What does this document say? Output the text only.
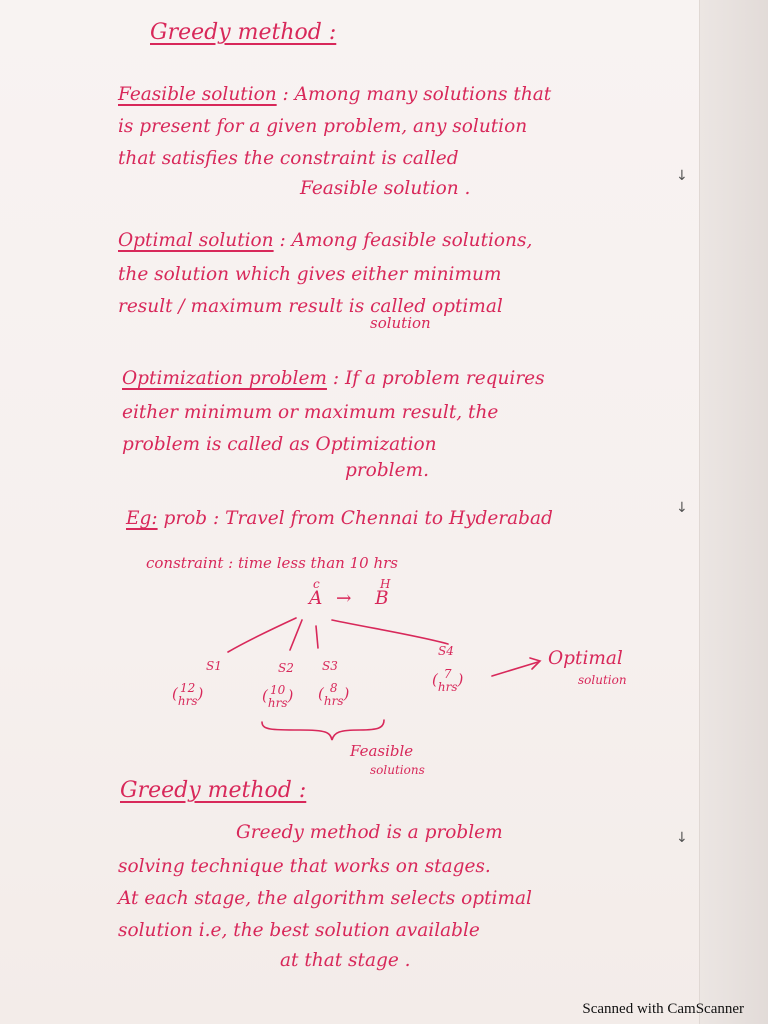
↓
↓
↓
Greedy method :
Feasible solution : Among many solutions that
is present for a given problem, any solution
that satisfies the constraint is called
Feasible solution .
Optimal solution : Among feasible solutions,
the solution which gives either minimum
result / maximum result is called optimal
solution
Optimization problem : If a problem requires
either minimum or maximum result, the
problem is called as Optimization
problem.
Eg: prob : Travel from Chennai to Hyderabad
constraint : time less than 10 hrs
c	H
A → B
S1	S2 S3
S4
( 12
hrs)	( 10
hrs) ( 8
hrs)
( 7
hrs)
Optimal
solution
Feasible
solutions
Greedy method :
Greedy method is a problem
solving technique that works on stages.
At each stage, the algorithm selects optimal
solution i.e, the best solution available
at that stage .
Scanned with CamScanner
